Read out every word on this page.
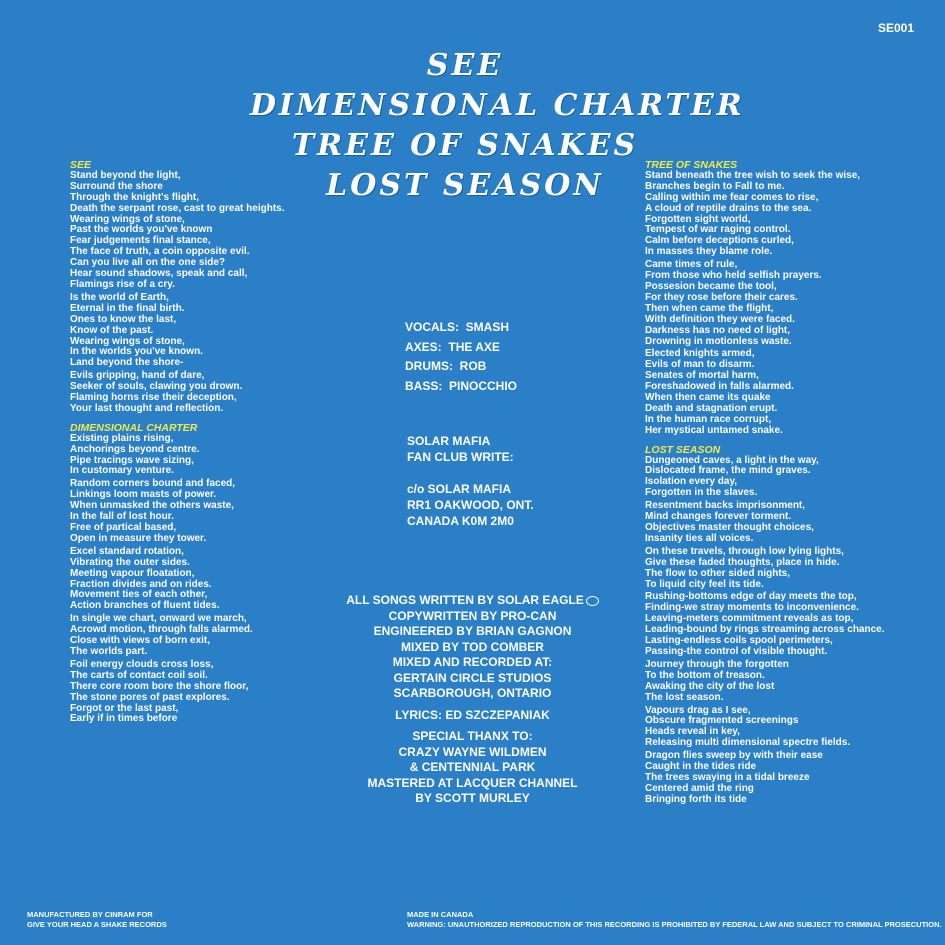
SE001
SEE
DIMENSIONAL CHARTER
TREE OF SNAKES
LOST SEASON
SEE
Stand beyond the light,
Surround the shore
Through the knight's flight,
Death the serpant rose, cast to great heights.
Wearing wings of stone,
Past the worlds you've known
Fear judgements final stance,
The face of truth, a coin opposite evil.
Can you live all on the one side?
Hear sound shadows, speak and call,
Flamings rise of a cry.
Is the world of Earth,
Eternal in the final birth.
Ones to know the last,
Know of the past.
Wearing wings of stone,
In the worlds you've known.
Land beyond the shore-
Evils gripping, hand of dare,
Seeker of souls, clawing you drown.
Flaming horns rise their deception,
Your last thought and reflection.
DIMENSIONAL CHARTER
Existing plains rising,
Anchorings beyond centre.
Pipe tracings wave sizing,
In customary venture.
Random corners bound and faced,
Linkings loom masts of power.
When unmasked the others waste,
In the fall of lost hour.
Free of partical based,
Open in measure they tower.
Excel standard rotation,
Vibrating the outer sides.
Meeting vapour floatation,
Fraction divides and on rides.
Movement ties of each other,
Action branches of fluent tides.
In single we chart, onward we march,
Acrowd motion, through falls alarmed.
Close with views of born exit,
The worlds part.
Foil energy clouds cross loss,
The carts of contact coil soil.
There core room bore the shore floor,
The stone pores of past explores.
Forgot or the last past,
Early if in times before
TREE OF SNAKES
Stand beneath the tree wish to seek the wise,
Branches begin to Fall to me.
Calling within me fear comes to rise,
A cloud of reptile drains to the sea.
Forgotten sight world,
Tempest of war raging control.
Calm before deceptions curled,
In masses they blame role.
Came times of rule,
From those who held selfish prayers.
Possesion became the tool,
For they rose before their cares.
Then when came the flight,
With definition they were faced.
Darkness has no need of light,
Drowning in motionless waste.
Elected knights armed,
Evils of man to disarm.
Senates of mortal harm,
Foreshadowed in falls alarmed.
When then came its quake
Death and stagnation erupt.
In the human race corrupt,
Her mystical untamed snake.
LOST SEASON
Dungeoned caves, a light in the way,
Dislocated frame, the mind graves.
Isolation every day,
Forgotten in the slaves.
Resentment backs imprisonment,
Mind changes forever torment.
Objectives master thought choices,
Insanity ties all voices.
On these travels, through low lying lights,
Give these faded thoughts, place in hide.
The flow to other sided nights,
To liquid city feel its tide.
Rushing-bottoms edge of day meets the top,
Finding-we stray moments to inconvenience.
Leaving-meters commitment reveals as top,
Leading-bound by rings streaming across chance.
Lasting-endless coils spool perimeters,
Passing-the control of visible thought.
Journey through the forgotten
To the bottom of treason.
Awaking the city of the lost
The lost season.
Vapours drag as I see,
Obscure fragmented screenings
Heads reveal in key,
Releasing multi dimensional spectre fields.
Dragon flies sweep by with their ease
Caught in the tides ride
The trees swaying in a tidal breeze
Centered amid the ring
Bringing forth its tide
VOCALS: SMASH
AXES: THE AXE
DRUMS: ROB
BASS: PINOCCHIO
SOLAR MAFIA
FAN CLUB WRITE:
c/o SOLAR MAFIA
RR1 OAKWOOD, ONT.
CANADA K0M 2M0
ALL SONGS WRITTEN BY SOLAR EAGLE
COPYWRITTEN BY PRO-CAN
ENGINEERED BY BRIAN GAGNON
MIXED BY TOD COMBER
MIXED AND RECORDED AT:
GERTAIN CIRCLE STUDIOS
SCARBOROUGH, ONTARIO
LYRICS: ED SZCZEPANIAK
SPECIAL THANX TO:
CRAZY WAYNE WILDMEN
& CENTENNIAL PARK
MASTERED AT LACQUER CHANNEL
BY SCOTT MURLEY
MANUFACTURED BY CINRAM FOR
GIVE YOUR HEAD A SHAKE RECORDS
MADE IN CANADA
WARNING: UNAUTHORIZED REPRODUCTION OF THIS RECORDING IS PROHIBITED BY FEDERAL LAW AND SUBJECT TO CRIMINAL PROSECUTION.
